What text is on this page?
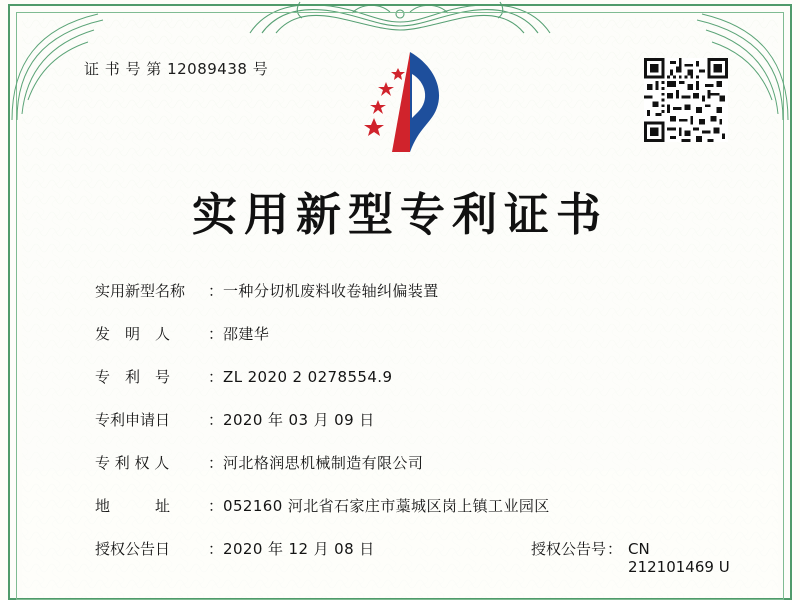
证 书 号 第 12089438 号
实用新型专利证书
实用新型名称	： 一种分切机废料收卷轴纠偏装置
发　明　人	： 邵建华
专　利　号	： ZL 2020 2 0278554.9
专利申请日	： 2020 年 03 月 09 日
专 利 权 人	： 河北格润思机械制造有限公司
地　　　址	： 052160 河北省石家庄市藁城区岗上镇工业园区
授权公告日	： 2020 年 12 月 08 日	授权公告号 ： CN 212101469 U
